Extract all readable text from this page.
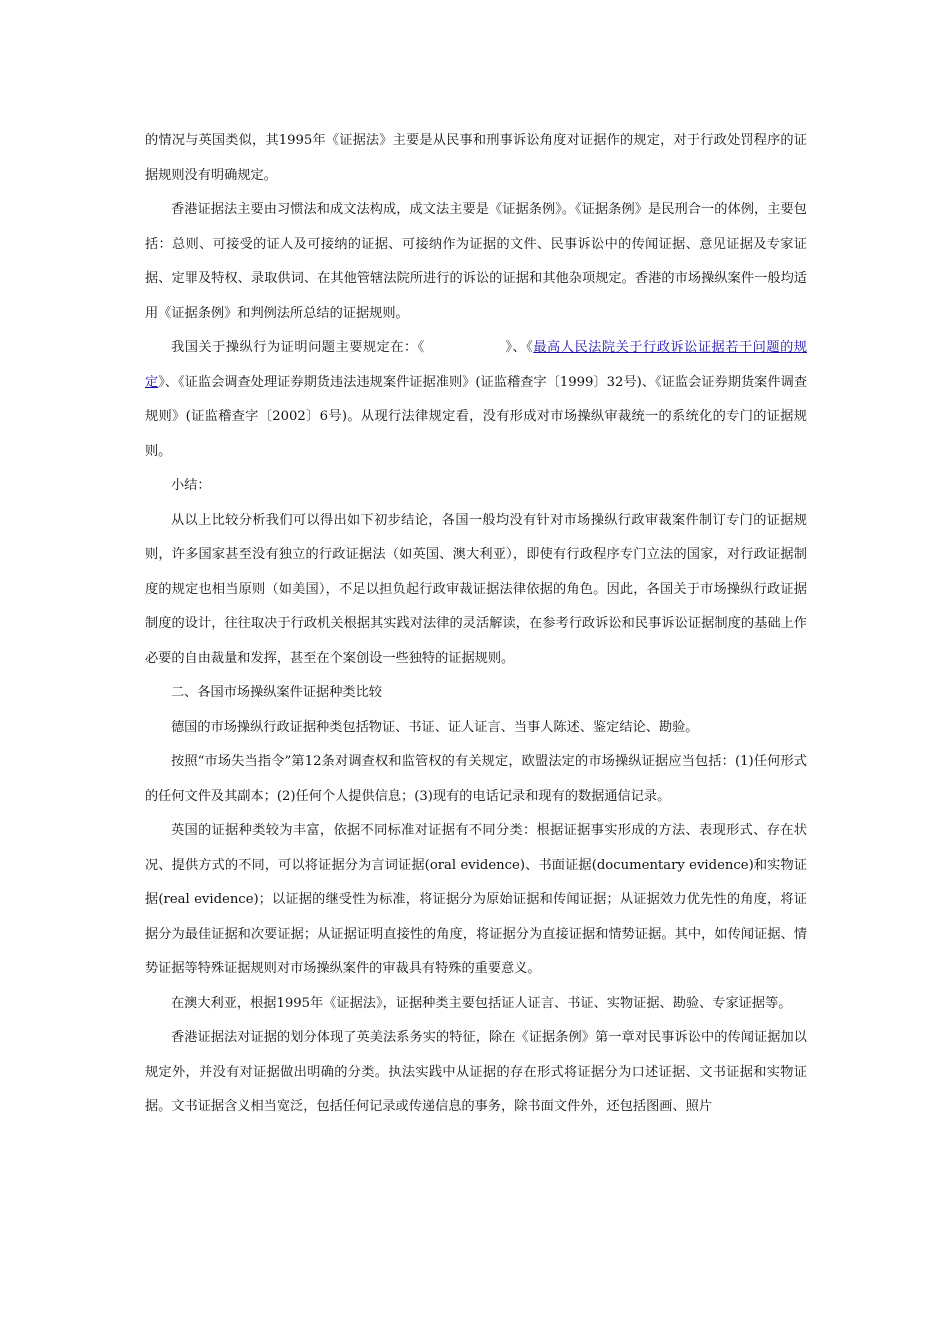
的情况与英国类似，其1995年《证据法》主要是从民事和刑事诉讼角度对证据作的规定，对于行政处罚程序的证据规则没有明确规定。

香港证据法主要由习惯法和成文法构成，成文法主要是《证据条例》。《证据条例》是民刑合一的体例，主要包括：总则、可接受的证人及可接纳的证据、可接纳作为证据的文件、民事诉讼中的传闻证据、意见证据及专家证据、定罪及特权、录取供词、在其他管辖法院所进行的诉讼的证据和其他杂项规定。香港的市场操纵案件一般均适用《证据条例》和判例法所总结的证据规则。

我国关于操纵行为证明问题主要规定在：《	》、《最高人民法院关于行政诉讼证据若干问题的规定》、《证监会调查处理证券期货违法违规案件证据准则》(证监稽查字〔1999〕32号)、《证监会证券期货案件调查规则》(证监稽查字〔2002〕6号)。从现行法律规定看，没有形成对市场操纵审裁统一的系统化的专门的证据规则。

小结：

从以上比较分析我们可以得出如下初步结论，各国一般均没有针对市场操纵行政审裁案件制订专门的证据规则，许多国家甚至没有独立的行政证据法（如英国、澳大利亚），即使有行政程序专门立法的国家，对行政证据制度的规定也相当原则（如美国），不足以担负起行政审裁证据法律依据的角色。因此，各国关于市场操纵行政证据制度的设计，往往取决于行政机关根据其实践对法律的灵活解读，在参考行政诉讼和民事诉讼证据制度的基础上作必要的自由裁量和发挥，甚至在个案创设一些独特的证据规则。

二、各国市场操纵案件证据种类比较

德国的市场操纵行政证据种类包括物证、书证、证人证言、当事人陈述、鉴定结论、勘验。

按照“市场失当指令”第12条对调查权和监管权的有关规定，欧盟法定的市场操纵证据应当包括：(1)任何形式的任何文件及其副本；(2)任何个人提供信息；(3)现有的电话记录和现有的数据通信记录。

英国的证据种类较为丰富，依据不同标准对证据有不同分类：根据证据事实形成的方法、表现形式、存在状况、提供方式的不同，可以将证据分为言词证据(oral evidence)、书面证据(documentary evidence)和实物证据(real evidence)；以证据的继受性为标准，将证据分为原始证据和传闻证据；从证据效力优先性的角度，将证据分为最佳证据和次要证据；从证据证明直接性的角度，将证据分为直接证据和情势证据。其中，如传闻证据、情势证据等特殊证据规则对市场操纵案件的审裁具有特殊的重要意义。

在澳大利亚，根据1995年《证据法》，证据种类主要包括证人证言、书证、实物证据、勘验、专家证据等。

香港证据法对证据的划分体现了英美法系务实的特征，除在《证据条例》第一章对民事诉讼中的传闻证据加以规定外，并没有对证据做出明确的分类。执法实践中从证据的存在形式将证据分为口述证据、文书证据和实物证据。文书证据含义相当宽泛，包括任何记录或传递信息的事务，除书面文件外，还包括图画、照片
